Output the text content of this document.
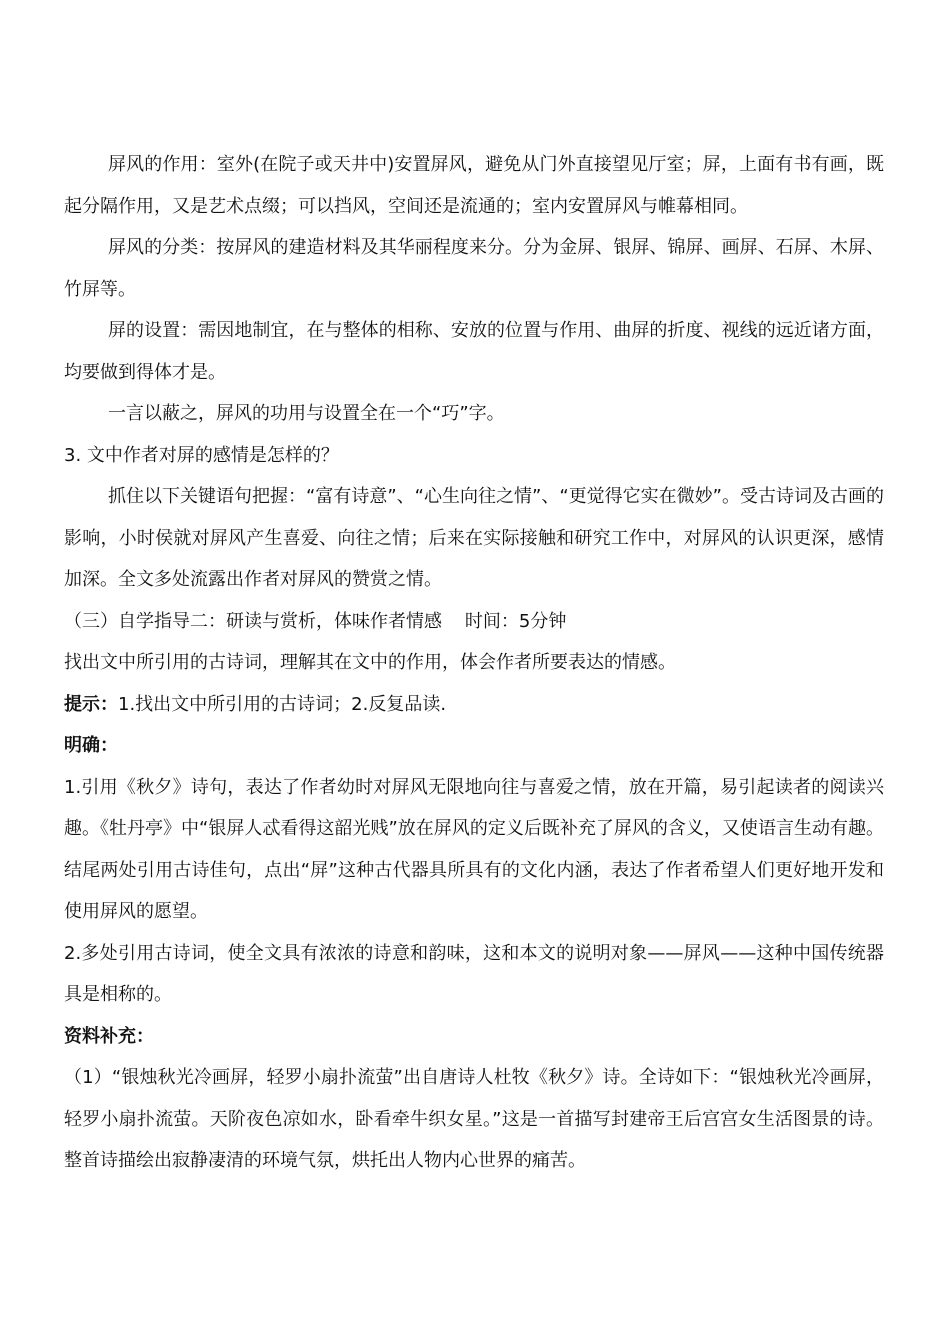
屏风的作用：室外(在院子或天井中)安置屏风，避免从门外直接望见厅室；屏，上面有书有画，既起分隔作用，又是艺术点缀；可以挡风，空间还是流通的；室内安置屏风与帷幕相同。

屏风的分类：按屏风的建造材料及其华丽程度来分。分为金屏、银屏、锦屏、画屏、石屏、木屏、竹屏等。

屏的设置：需因地制宜，在与整体的相称、安放的位置与作用、曲屏的折度、视线的远近诸方面，均要做到得体才是。

一言以蔽之，屏风的功用与设置全在一个“巧”字。

3. 文中作者对屏的感情是怎样的？

抓住以下关键语句把握：“富有诗意”、“心生向往之情”、“更觉得它实在微妙”。受古诗词及古画的影响，小时侯就对屏风产生喜爱、向往之情；后来在实际接触和研究工作中，对屏风的认识更深，感情加深。全文多处流露出作者对屏风的赞赏之情。

（三）自学指导二：研读与赏析，体味作者情感    时间：5分钟

找出文中所引用的古诗词，理解其在文中的作用，体会作者所要表达的情感。

提示：1.找出文中所引用的古诗词；2.反复品读.

明确：

1.引用《秋夕》诗句，表达了作者幼时对屏风无限地向往与喜爱之情，放在开篇，易引起读者的阅读兴趣。《牡丹亭》中“银屏人忒看得这韶光贱”放在屏风的定义后既补充了屏风的含义，又使语言生动有趣。结尾两处引用古诗佳句，点出“屏”这种古代器具所具有的文化内涵，表达了作者希望人们更好地开发和使用屏风的愿望。

2.多处引用古诗词，使全文具有浓浓的诗意和韵味，这和本文的说明对象——屏风——这种中国传统器具是相称的。

资料补充：

（1）“银烛秋光冷画屏，轻罗小扇扑流萤”出自唐诗人杜牧《秋夕》诗。全诗如下：“银烛秋光冷画屏，轻罗小扇扑流萤。天阶夜色凉如水，卧看牵牛织女星。”这是一首描写封建帝王后宫宫女生活图景的诗。整首诗描绘出寂静凄清的环境气氛，烘托出人物内心世界的痛苦。
